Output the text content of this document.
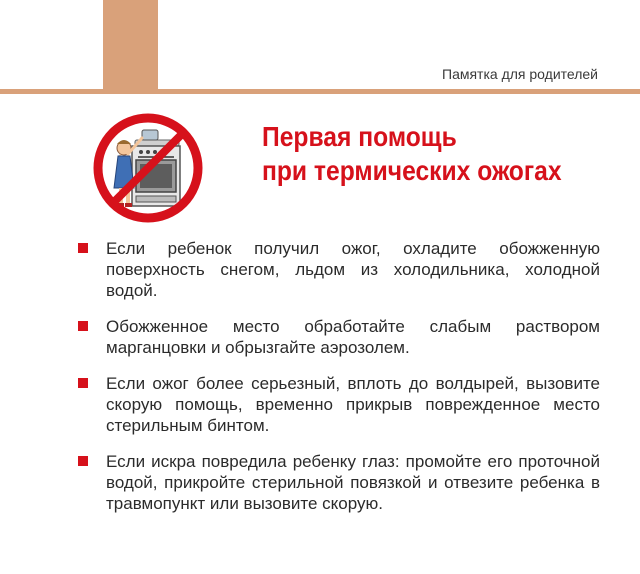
Памятка для родителей
Первая помощь
при термических ожогах
Если ребенок получил ожог, охладите обожженную поверхность снегом, льдом из холодильника, холодной водой.
Обожженное место обработайте слабым раствором марганцовки и обрызгайте аэрозолем.
Если ожог более серьезный, вплоть до волдырей, вызовите скорую помощь, временно прикрыв поврежденное место стерильным бинтом.
Если искра повредила ребенку глаз: промойте его проточной водой, прикройте стерильной повязкой и отвезите ребенка в травмопункт или вызовите скорую.
